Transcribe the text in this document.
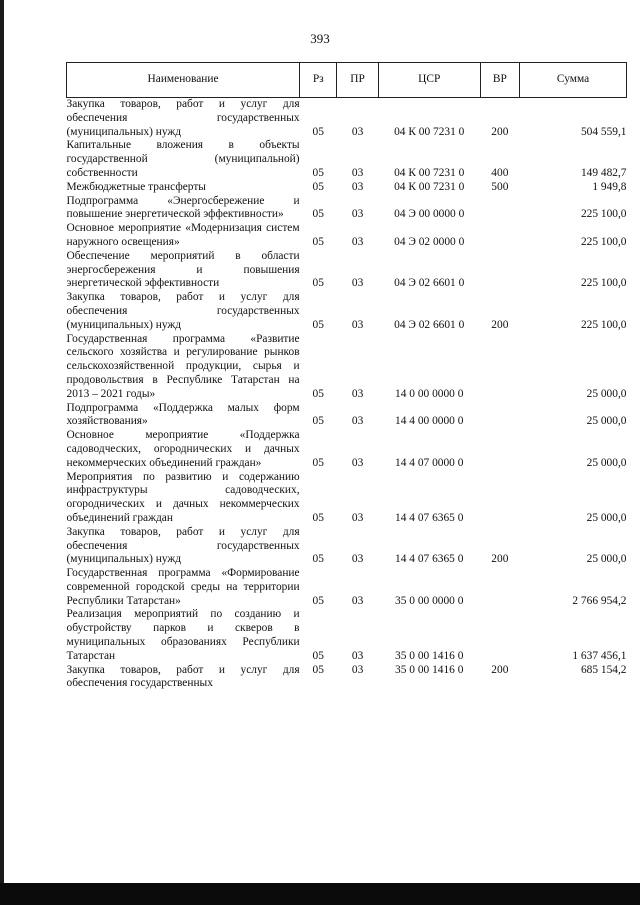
393
Наименование	Рз	ПР	ЦСР	ВР	Сумма
Закупка товаров, работ и услуг для обеспечения государственных (муниципальных) нужд	05	03	04 К 00 7231 0	200	504 559,1
Капитальные вложения в объекты государственной (муниципальной) собственности	05	03	04 К 00 7231 0	400	149 482,7
Межбюджетные трансферты	05	03	04 К 00 7231 0	500	1 949,8
Подпрограмма «Энергосбережение и повышение энергетической эффективности»	05	03	04 Э 00 0000 0		225 100,0
Основное мероприятие «Модернизация систем наружного освещения»	05	03	04 Э 02 0000 0		225 100,0
Обеспечение мероприятий в области энергосбережения и повышения энергетической эффективности	05	03	04 Э 02 6601 0		225 100,0
Закупка товаров, работ и услуг для обеспечения государственных (муниципальных) нужд	05	03	04 Э 02 6601 0	200	225 100,0
Государственная программа «Развитие сельского хозяйства и регулирование рынков сельскохозяйственной продукции, сырья и продовольствия в Республике Татарстан на 2013 – 2021 годы»	05	03	14 0 00 0000 0		25 000,0
Подпрограмма «Поддержка малых форм хозяйствования»	05	03	14 4 00 0000 0		25 000,0
Основное мероприятие «Поддержка садоводческих, огороднических и дачных некоммерческих объединений граждан»	05	03	14 4 07 0000 0		25 000,0
Мероприятия по развитию и содержанию инфраструктуры садоводческих, огороднических и дачных некоммерческих объединений граждан	05	03	14 4 07 6365 0		25 000,0
Закупка товаров, работ и услуг для обеспечения государственных (муниципальных) нужд	05	03	14 4 07 6365 0	200	25 000,0
Государственная программа «Формирование современной городской среды на территории Республики Татарстан»	05	03	35 0 00 0000 0		2 766 954,2
Реализация мероприятий по созданию и обустройству парков и скверов в муниципальных образованиях Республики Татарстан	05	03	35 0 00 1416 0		1 637 456,1
Закупка товаров, работ и услуг для обеспечения государственных	05	03	35 0 00 1416 0	200	685 154,2
